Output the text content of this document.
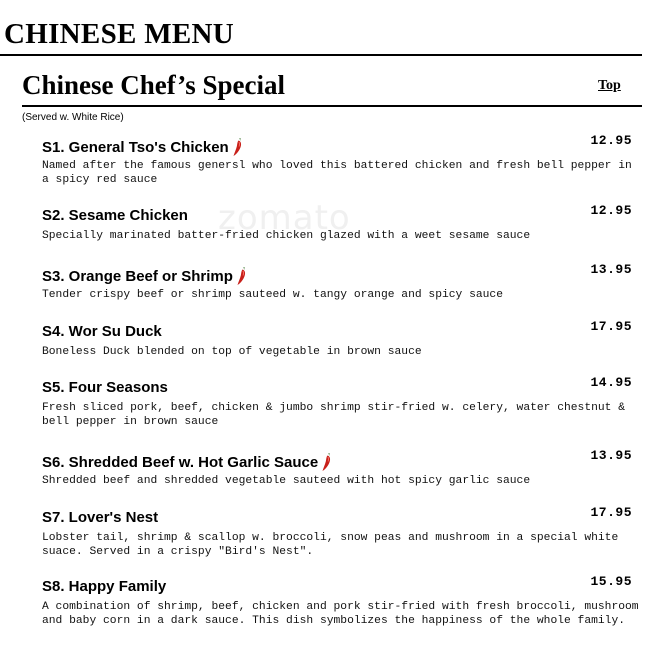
zomato
CHINESE MENU
Chinese Chef’s Special	Top
(Served w. White Rice)
S1. General Tso's Chicken	12.95
Named after the famous genersl who loved this battered chicken and fresh bell pepper in a spicy red sauce
S2. Sesame Chicken	12.95
Specially marinated batter-fried chicken glazed with a weet sesame sauce
S3. Orange Beef or Shrimp	13.95
Tender crispy beef or shrimp sauteed w. tangy orange and spicy sauce
S4. Wor Su Duck	17.95
Boneless Duck blended on top of vegetable in brown sauce
S5. Four Seasons	14.95
Fresh sliced pork, beef, chicken & jumbo shrimp stir-fried w. celery, water chestnut & bell pepper in brown sauce
S6. Shredded Beef w. Hot Garlic Sauce	13.95
Shredded beef and shredded vegetable sauteed with hot spicy garlic sauce
S7. Lover's Nest	17.95
Lobster tail, shrimp & scallop w. broccoli, snow peas and mushroom in a special white suace. Served in a crispy "Bird's Nest".
S8. Happy Family	15.95
A combination of shrimp, beef, chicken and pork stir-fried with fresh broccoli, mushroom and baby corn in a dark sauce. This dish symbolizes the happiness of the whole family.
